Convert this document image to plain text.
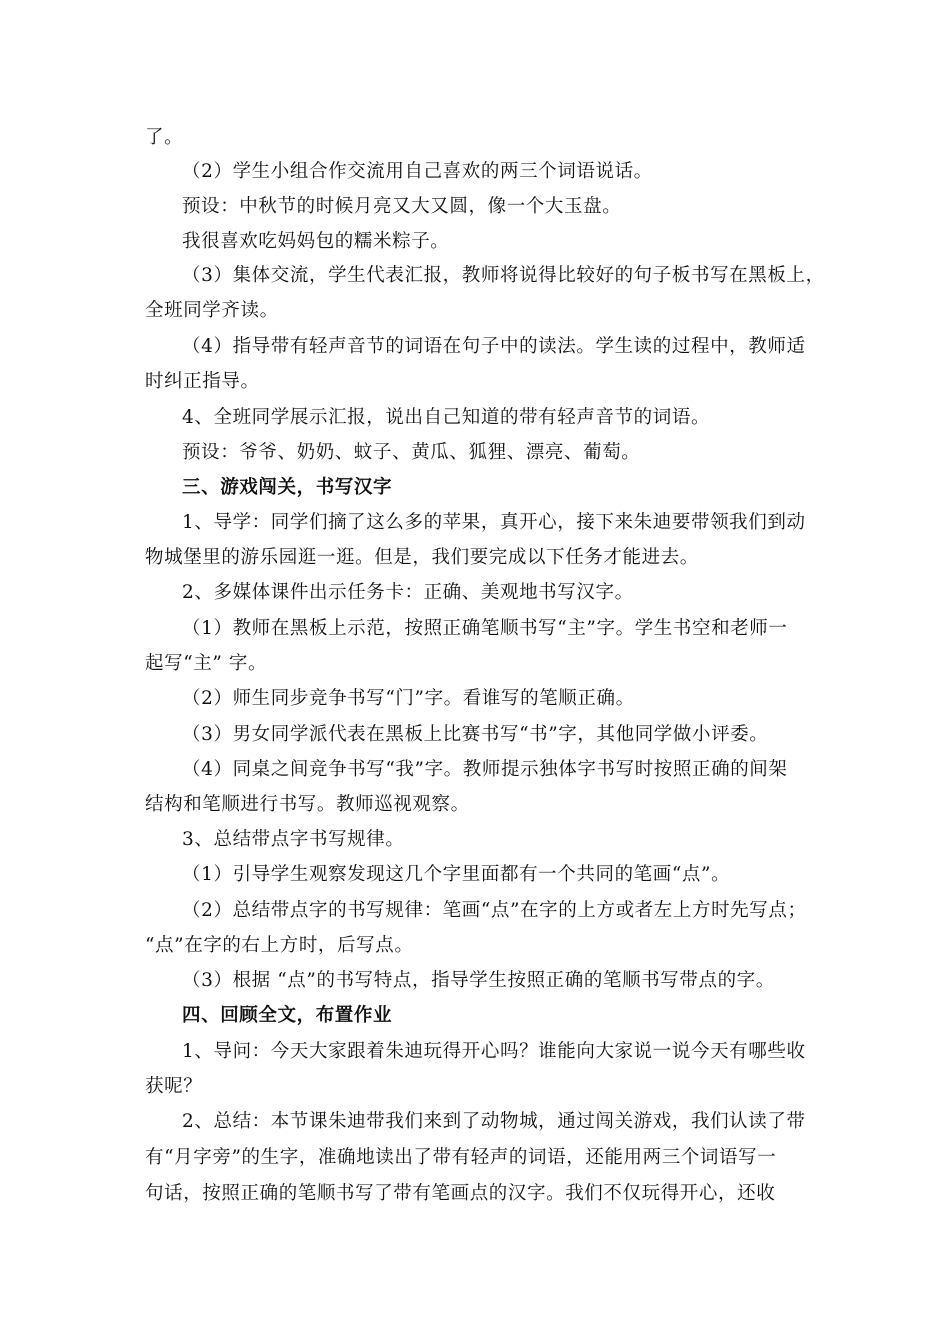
了。
（2）学生小组合作交流用自己喜欢的两三个词语说话。
预设：中秋节的时候月亮又大又圆，像一个大玉盘。
我很喜欢吃妈妈包的糯米粽子。
（3）集体交流，学生代表汇报，教师将说得比较好的句子板书写在黑板上，
全班同学齐读。
（4）指导带有轻声音节的词语在句子中的读法。学生读的过程中，教师适
时纠正指导。
4、全班同学展示汇报，说出自己知道的带有轻声音节的词语。
预设：爷爷、奶奶、蚊子、黄瓜、狐狸、漂亮、葡萄。
三、游戏闯关，书写汉字
1、导学：同学们摘了这么多的苹果，真开心，接下来朱迪要带领我们到动
物城堡里的游乐园逛一逛。但是，我们要完成以下任务才能进去。
2、多媒体课件出示任务卡：正确、美观地书写汉字。
（1）教师在黑板上示范，按照正确笔顺书写“主”字。学生书空和老师一
起写“主” 字。
（2）师生同步竞争书写“门”字。看谁写的笔顺正确。
（3）男女同学派代表在黑板上比赛书写“书”字，其他同学做小评委。
（4）同桌之间竞争书写“我”字。教师提示独体字书写时按照正确的间架
结构和笔顺进行书写。教师巡视观察。
3、总结带点字书写规律。
（1）引导学生观察发现这几个字里面都有一个共同的笔画“点”。
（2）总结带点字的书写规律：笔画“点”在字的上方或者左上方时先写点；
“点”在字的右上方时，后写点。
（3）根据 “点”的书写特点，指导学生按照正确的笔顺书写带点的字。
四、回顾全文，布置作业
1、导问：今天大家跟着朱迪玩得开心吗？谁能向大家说一说今天有哪些收
获呢？
2、总结：本节课朱迪带我们来到了动物城，通过闯关游戏，我们认读了带
有“月字旁”的生字，准确地读出了带有轻声的词语，还能用两三个词语写一
句话，按照正确的笔顺书写了带有笔画点的汉字。我们不仅玩得开心，还收
